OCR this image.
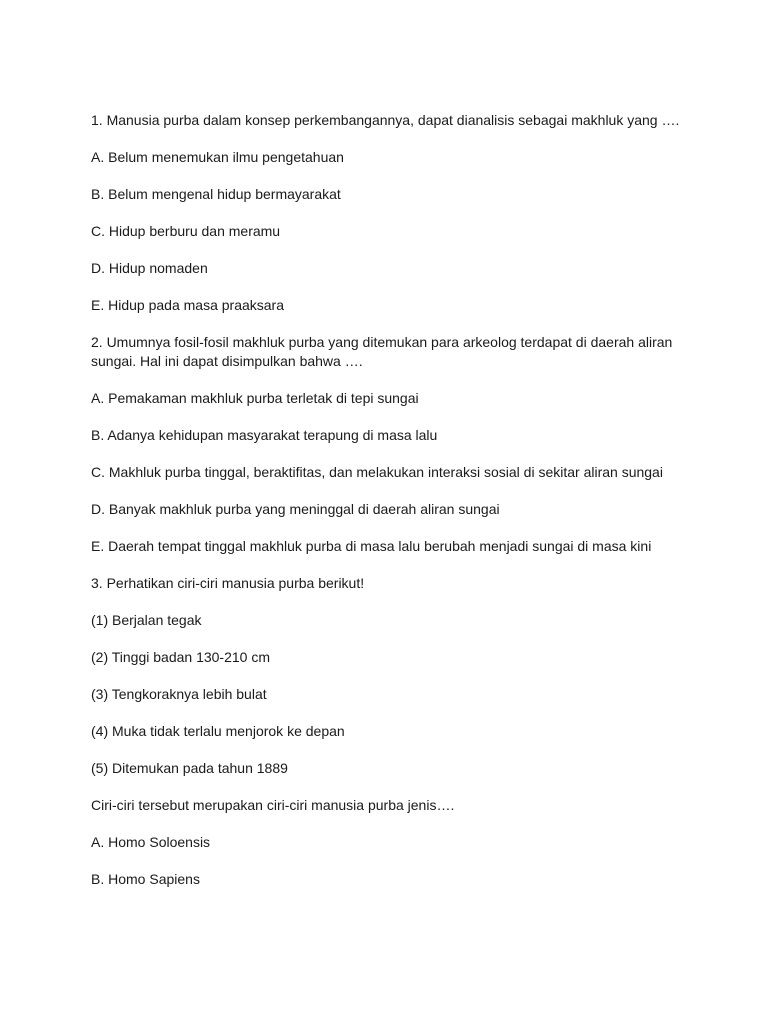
1. Manusia purba dalam konsep perkembangannya, dapat dianalisis sebagai makhluk yang ….

A. Belum menemukan ilmu pengetahuan

B. Belum mengenal hidup bermayarakat

C. Hidup berburu dan meramu

D. Hidup nomaden

E. Hidup pada masa praaksara

2. Umumnya fosil-fosil makhluk purba yang ditemukan para arkeolog terdapat di daerah aliran sungai. Hal ini dapat disimpulkan bahwa ….

A. Pemakaman makhluk purba terletak di tepi sungai

B. Adanya kehidupan masyarakat terapung di masa lalu

C. Makhluk purba tinggal, beraktifitas, dan melakukan interaksi sosial di sekitar aliran sungai

D. Banyak makhluk purba yang meninggal di daerah aliran sungai

E. Daerah tempat tinggal makhluk purba di masa lalu berubah menjadi sungai di masa kini

3. Perhatikan ciri-ciri manusia purba berikut!

(1) Berjalan tegak

(2) Tinggi badan 130-210 cm

(3) Tengkoraknya lebih bulat

(4) Muka tidak terlalu menjorok ke depan

(5) Ditemukan pada tahun 1889

Ciri-ciri tersebut merupakan ciri-ciri manusia purba jenis….

A. Homo Soloensis

B. Homo Sapiens
